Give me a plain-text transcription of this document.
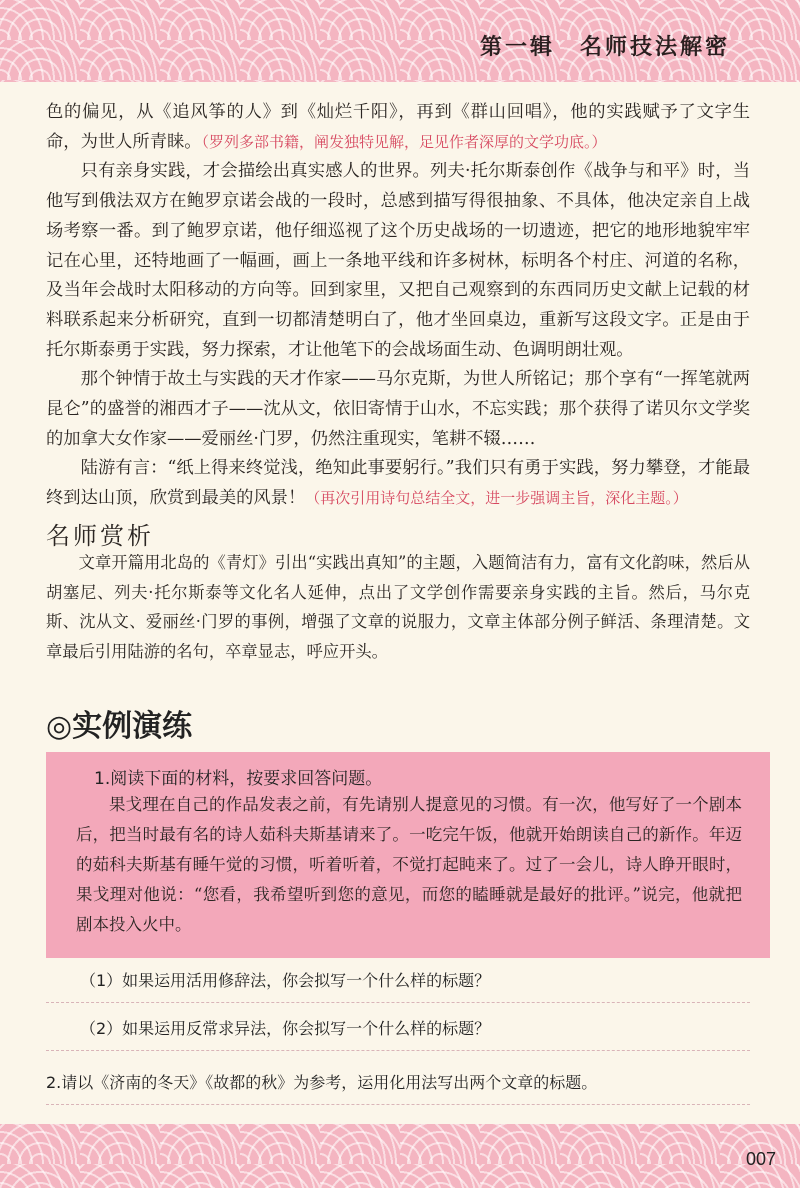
第一辑　名师技法解密

色的偏见，从《追风筝的人》到《灿烂千阳》，再到《群山回唱》，他的实践赋予了文字生命，为世人所青睐。（罗列多部书籍，阐发独特见解，足见作者深厚的文学功底。）

只有亲身实践，才会描绘出真实感人的世界。列夫·托尔斯泰创作《战争与和平》时，当他写到俄法双方在鲍罗京诺会战的一段时，总感到描写得很抽象、不具体，他决定亲自上战场考察一番。到了鲍罗京诺，他仔细巡视了这个历史战场的一切遗迹，把它的地形地貌牢牢记在心里，还特地画了一幅画，画上一条地平线和许多树林，标明各个村庄、河道的名称，及当年会战时太阳移动的方向等。回到家里，又把自己观察到的东西同历史文献上记载的材料联系起来分析研究，直到一切都清楚明白了，他才坐回桌边，重新写这段文字。正是由于托尔斯泰勇于实践，努力探索，才让他笔下的会战场面生动、色调明朗壮观。

那个钟情于故土与实践的天才作家——马尔克斯，为世人所铭记；那个享有“一挥笔就两昆仑”的盛誉的湘西才子——沈从文，依旧寄情于山水，不忘实践；那个获得了诺贝尔文学奖的加拿大女作家——爱丽丝·门罗，仍然注重现实，笔耕不辍……

陆游有言：“纸上得来终觉浅，绝知此事要躬行。”我们只有勇于实践，努力攀登，才能最终到达山顶，欣赏到最美的风景！（再次引用诗句总结全文，进一步强调主旨，深化主题。）

名师赏析

文章开篇用北岛的《青灯》引出“实践出真知”的主题，入题简洁有力，富有文化韵味，然后从胡塞尼、列夫·托尔斯泰等文化名人延伸，点出了文学创作需要亲身实践的主旨。然后，马尔克斯、沈从文、爱丽丝·门罗的事例，增强了文章的说服力，文章主体部分例子鲜活、条理清楚。文章最后引用陆游的名句，卒章显志，呼应开头。

◎实例演练
1.阅读下面的材料，按要求回答问题。

果戈理在自己的作品发表之前，有先请别人提意见的习惯。有一次，他写好了一个剧本后，把当时最有名的诗人茹科夫斯基请来了。一吃完午饭，他就开始朗读自己的新作。年迈的茹科夫斯基有睡午觉的习惯，听着听着，不觉打起盹来了。过了一会儿，诗人睁开眼时，果戈理对他说：“您看，我希望听到您的意见，而您的瞌睡就是最好的批评。”说完，他就把剧本投入火中。

（1）如果运用活用修辞法，你会拟写一个什么样的标题？
（2）如果运用反常求异法，你会拟写一个什么样的标题？
2.请以《济南的冬天》《故都的秋》为参考，运用化用法写出两个文章的标题。
007
